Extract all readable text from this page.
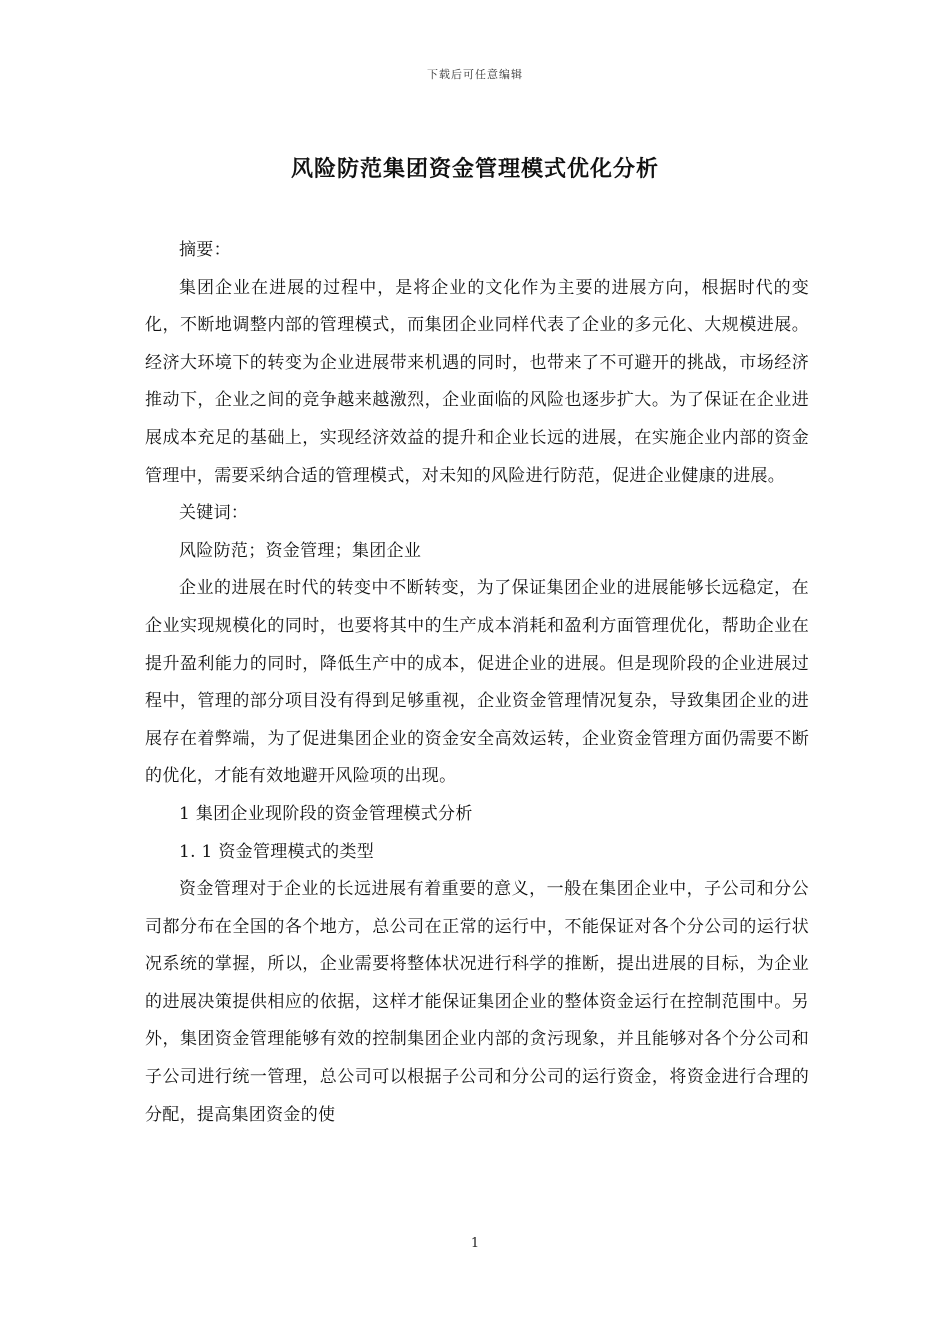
下载后可任意编辑
风险防范集团资金管理模式优化分析

摘要：

集团企业在进展的过程中，是将企业的文化作为主要的进展方向，根据时代的变化，不断地调整内部的管理模式，而集团企业同样代表了企业的多元化、大规模进展。经济大环境下的转变为企业进展带来机遇的同时，也带来了不可避开的挑战，市场经济推动下，企业之间的竞争越来越激烈，企业面临的风险也逐步扩大。为了保证在企业进展成本充足的基础上，实现经济效益的提升和企业长远的进展，在实施企业内部的资金管理中，需要采纳合适的管理模式，对未知的风险进行防范，促进企业健康的进展。

关键词：

风险防范；资金管理；集团企业

企业的进展在时代的转变中不断转变，为了保证集团企业的进展能够长远稳定，在企业实现规模化的同时，也要将其中的生产成本消耗和盈利方面管理优化，帮助企业在提升盈利能力的同时，降低生产中的成本，促进企业的进展。但是现阶段的企业进展过程中，管理的部分项目没有得到足够重视，企业资金管理情况复杂，导致集团企业的进展存在着弊端，为了促进集团企业的资金安全高效运转，企业资金管理方面仍需要不断的优化，才能有效地避开风险项的出现。

1 集团企业现阶段的资金管理模式分析

1. 1 资金管理模式的类型

资金管理对于企业的长远进展有着重要的意义，一般在集团企业中，子公司和分公司都分布在全国的各个地方，总公司在正常的运行中，不能保证对各个分公司的运行状况系统的掌握，所以，企业需要将整体状况进行科学的推断，提出进展的目标，为企业的进展决策提供相应的依据，这样才能保证集团企业的整体资金运行在控制范围中。另外，集团资金管理能够有效的控制集团企业内部的贪污现象，并且能够对各个分公司和子公司进行统一管理，总公司可以根据子公司和分公司的运行资金，将资金进行合理的分配，提高集团资金的使

1
